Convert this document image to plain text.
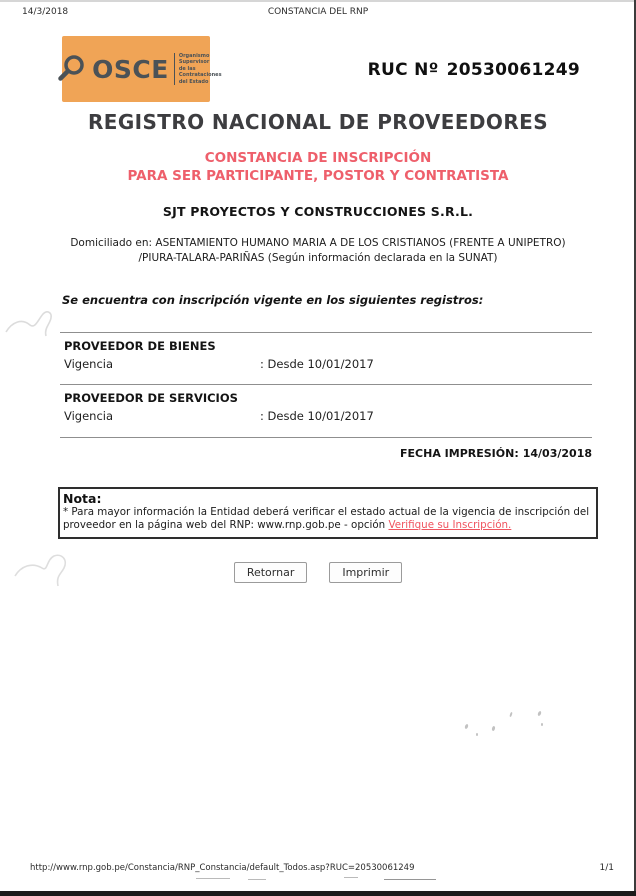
14/3/2018	CONSTANCIA DEL RNP
OSCE	Organismo Supervisor de las Contrataciones del Estado
RUC Nº 20530061249
REGISTRO NACIONAL DE PROVEEDORES
CONSTANCIA DE INSCRIPCIÓN
PARA SER PARTICIPANTE, POSTOR Y CONTRATISTA
SJT PROYECTOS Y CONSTRUCCIONES S.R.L.
Domiciliado en: ASENTAMIENTO HUMANO MARIA A DE LOS CRISTIANOS (FRENTE A UNIPETRO)
/PIURA-TALARA-PARIÑAS (Según información declarada en la SUNAT)
Se encuentra con inscripción vigente en los siguientes registros:
PROVEEDOR DE BIENES
Vigencia	: Desde 10/01/2017
PROVEEDOR DE SERVICIOS
Vigencia	: Desde 10/01/2017
FECHA IMPRESIÓN: 14/03/2018
Nota:
* Para mayor información la Entidad deberá verificar el estado actual de la vigencia de inscripción del proveedor en la página web del RNP: www.rnp.gob.pe - opción Verifique su Inscripción.
Retornar	Imprimir
http://www.rnp.gob.pe/Constancia/RNP_Constancia/default_Todos.asp?RUC=20530061249	1/1
